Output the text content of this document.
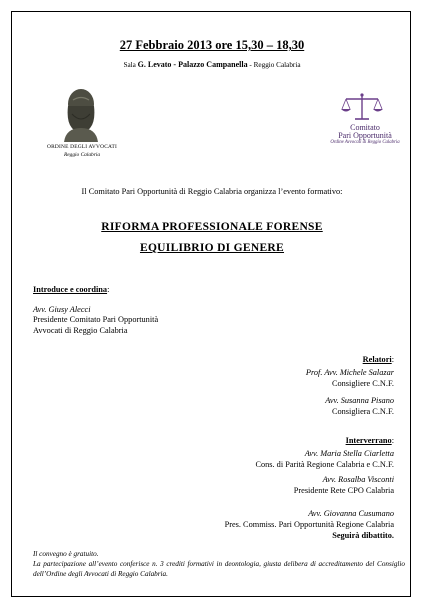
27 Febbraio 2013 ore 15,30 – 18,30
Sala G. Levato - Palazzo Campanella - Reggio Calabria
ORDINE DEGLI AVVOCATI
Reggio Calabria
Comitato
Pari Opportunità
Ordine Avvocati di Reggio Calabria
Il Comitato Pari Opportunità di Reggio Calabria organizza l’evento formativo:
RIFORMA PROFESSIONALE FORENSE
EQUILIBRIO DI GENERE
Introduce e coordina:
Avv. Giusy Alecci
Presidente Comitato Pari Opportunità
Avvocati di Reggio Calabria
Relatori:
Prof. Avv. Michele Salazar
Consigliere C.N.F.
Avv. Susanna Pisano
Consigliera C.N.F.
Interverrano:
Avv. Maria Stella Ciarletta
Cons. di Parità Regione Calabria e C.N.F.
Avv. Rosalba Visconti
Presidente Rete CPO Calabria
Avv. Giovanna Cusumano
Pres. Commiss. Pari Opportunità Regione Calabria
Seguirà dibattito.
Il convegno è gratuito.
La partecipazione all’evento conferisce n. 3 crediti formativi in deontologia, giusta delibera di accreditamento del Consiglio dell’Ordine degli Avvocati di Reggio Calabria.
